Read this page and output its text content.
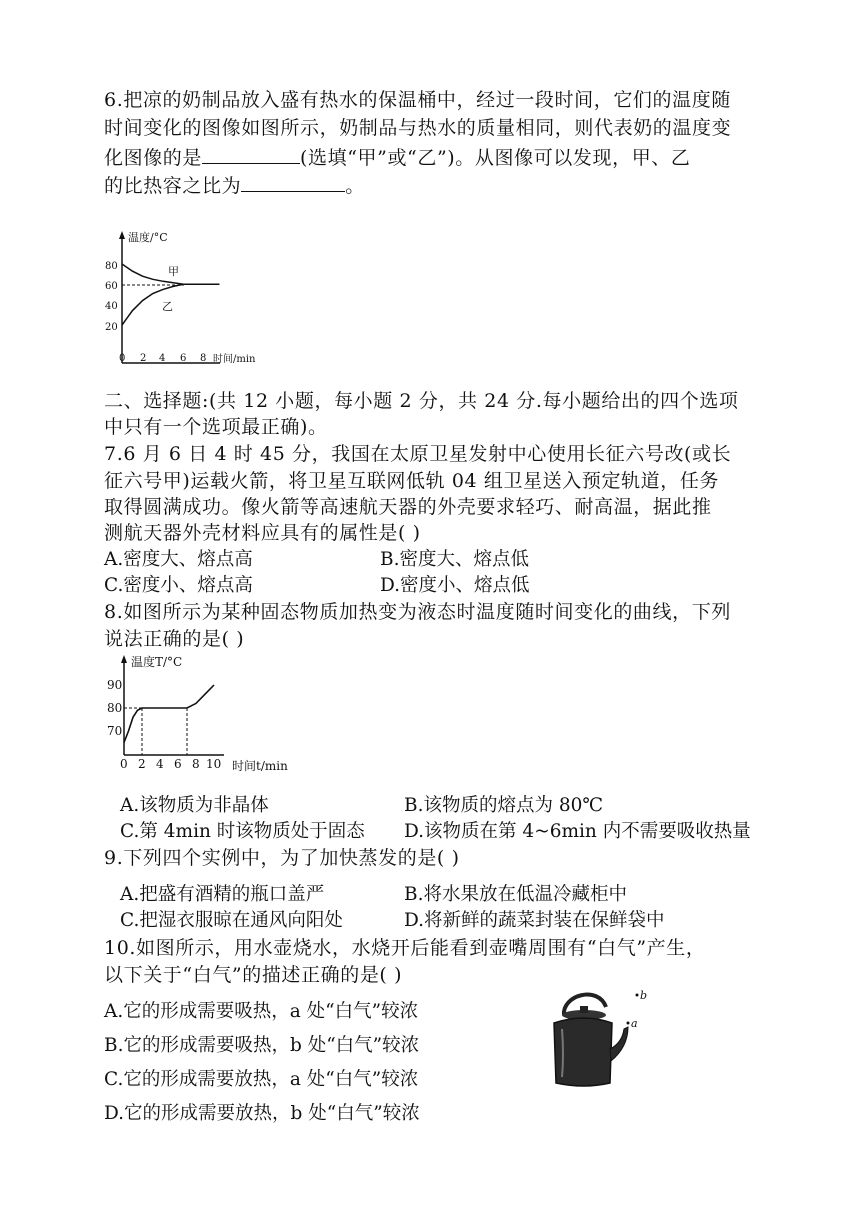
6.把凉的奶制品放入盛有热水的保温桶中，经过一段时间，它们的温度随
时间变化的图像如图所示，奶制品与热水的质量相同，则代表奶的温度变
化图像的是	(选填“甲”或“乙”)。从图像可以发现，甲、乙
的比热容之比为	。
温度/°C
时间/min
80
60
40
20
0 2 4 6 8
甲
乙
二、选择题:(共 12 小题，每小题 2 分，共 24 分.每小题给出的四个选项
中只有一个选项最正确)。
7.6 月 6 日 4 时 45 分，我国在太原卫星发射中心使用长征六号改(或长
征六号甲)运载火箭，将卫星互联网低轨 04 组卫星送入预定轨道，任务
取得圆满成功。像火箭等高速航天器的外壳要求轻巧、耐高温，据此推
测航天器外壳材料应具有的属性是( )
A.密度大、熔点高	B.密度大、熔点低
C.密度小、熔点高	D.密度小、熔点低
8.如图所示为某种固态物质加热变为液态时温度随时间变化的曲线，下列
说法正确的是( )
温度T/°C
时间t/min
90
80
70
0 2 4 6 8 10
A.该物质为非晶体	B.该物质的熔点为 80℃
C.第 4min 时该物质处于固态 D.该物质在第 4~6min 内不需要吸收热量
9.下列四个实例中，为了加快蒸发的是( )
A.把盛有酒精的瓶口盖严	B.将水果放在低温冷藏柜中
C.把湿衣服晾在通风向阳处	D.将新鲜的蔬菜封装在保鲜袋中
10.如图所示，用水壶烧水，水烧开后能看到壶嘴周围有“白气”产生，
以下关于“白气”的描述正确的是( )
A.它的形成需要吸热，a 处“白气”较浓
B.它的形成需要吸热，b 处“白气”较浓
C.它的形成需要放热，a 处“白气”较浓
D.它的形成需要放热，b 处“白气”较浓
a
b
